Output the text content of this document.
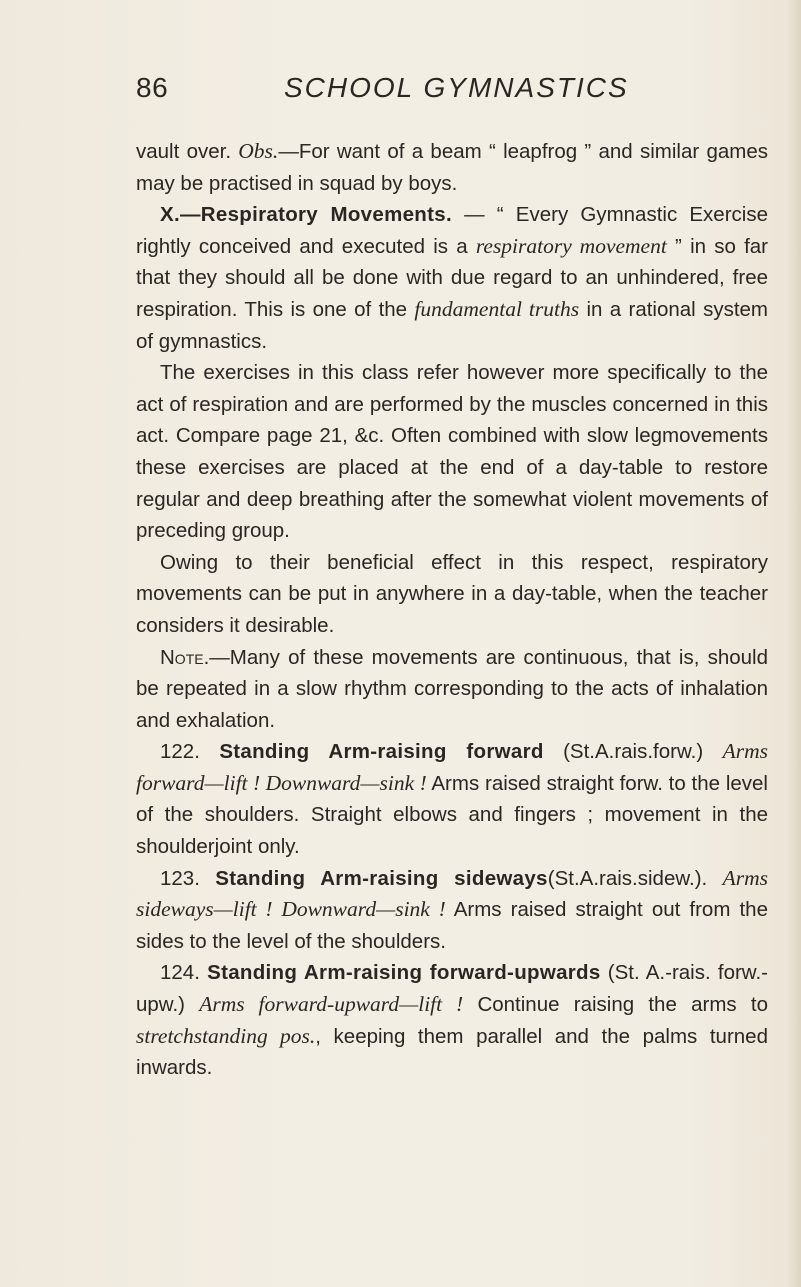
86	SCHOOL GYMNASTICS

vault over. Obs.—For want of a beam “ leapfrog ” and similar games may be practised in squad by boys.

X.—Respiratory Movements. — “ Every Gymnastic Exercise rightly conceived and executed is a respiratory movement ” in so far that they should all be done with due regard to an unhindered, free respiration. This is one of the fundamental truths in a rational system of gymnastics.

The exercises in this class refer however more specifically to the act of respiration and are performed by the muscles concerned in this act. Compare page 21, &c. Often combined with slow legmovements these exercises are placed at the end of a day-table to restore regular and deep breathing after the somewhat violent movements of preceding group.

Owing to their beneficial effect in this respect, respiratory movements can be put in anywhere in a day-table, when the teacher considers it desirable.

Note.—Many of these movements are continuous, that is, should be repeated in a slow rhythm corresponding to the acts of inhalation and exhalation.

122. Standing Arm-raising forward (St.A.rais.forw.) Arms forward—lift ! Downward—sink ! Arms raised straight forw. to the level of the shoulders. Straight elbows and fingers ; movement in the shoulderjoint only.

123. Standing Arm-raising sideways(St.A.rais.sidew.). Arms sideways—lift ! Downward—sink ! Arms raised straight out from the sides to the level of the shoulders.

124. Standing Arm-raising forward-upwards (St. A.-rais. forw.-upw.) Arms forward-upward—lift ! Continue raising the arms to stretchstanding pos., keeping them parallel and the palms turned inwards.
